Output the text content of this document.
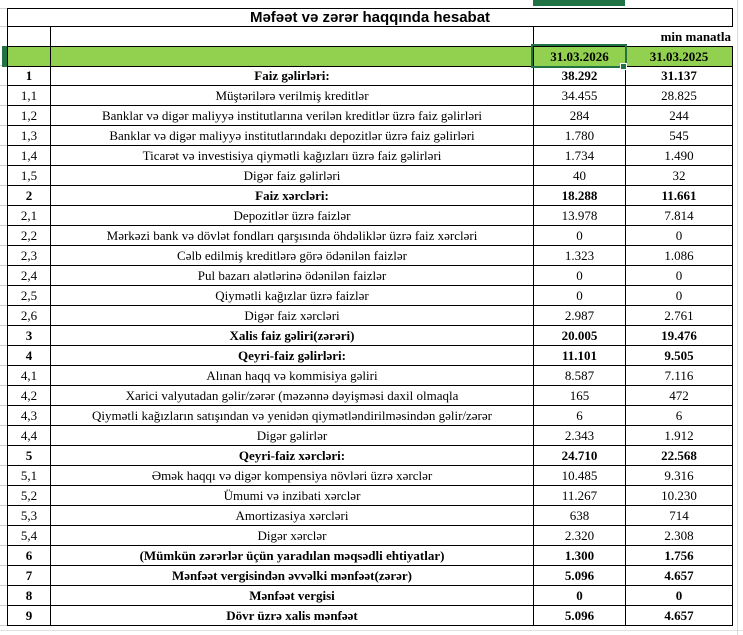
Məfəət və zərər haqqında hesabat
min manatla
31.03.2026	31.03.2025
1	Faiz gəlirləri:	38.292	31.137
1,1	Müştərilərə verilmiş kreditlər	34.455	28.825
1,2	Banklar və digər maliyyə institutlarına verilən kreditlər üzrə faiz gəlirləri	284	244
1,3	Banklar və digər maliyyə institutlarındakı depozitlər üzrə faiz gəlirləri	1.780	545
1,4	Ticarət və investisiya qiymətli kağızları üzrə faiz gəlirləri	1.734	1.490
1,5	Digər faiz gəlirləri	40	32
2	Faiz xərcləri:	18.288	11.661
2,1	Depozitlər üzrə faizlər	13.978	7.814
2,2	Mərkəzi bank və dövlət fondları qarşısında öhdəliklər üzrə faiz xərcləri	0	0
2,3	Cəlb edilmiş kreditlərə görə ödənilən faizlər	1.323	1.086
2,4	Pul bazarı alətlərinə ödənilən faizlər	0	0
2,5	Qiymətli kağızlar üzrə faizlər	0	0
2,6	Digər faiz xərcləri	2.987	2.761
3	Xalis faiz gəliri(zərəri)	20.005	19.476
4	Qeyri-faiz gəlirləri:	11.101	9.505
4,1	Alınan haqq və kommisiya gəliri	8.587	7.116
4,2	Xarici valyutadan gəlir/zərər (məzənnə dəyişməsi daxil olmaqla	165	472
4,3	Qiymətli kağızların satışından və yenidən qiymətləndirilməsindən gəlir/zərər	6	6
4,4	Digər gəlirlər	2.343	1.912
5	Qeyri-faiz xərcləri:	24.710	22.568
5,1	Əmək haqqı və digər kompensiya növləri üzrə xərclər	10.485	9.316
5,2	Ümumi və inzibati xərclər	11.267	10.230
5,3	Amortizasiya xərcləri	638	714
5,4	Digər xərclər	2.320	2.308
6	(Mümkün zərərlər üçün yaradılan məqsədli ehtiyatlar)	1.300	1.756
7	Mənfəət vergisindən əvvəlki mənfəət(zərər)	5.096	4.657
8	Mənfəət vergisi	0	0
9	Dövr üzrə xalis mənfəət	5.096	4.657
